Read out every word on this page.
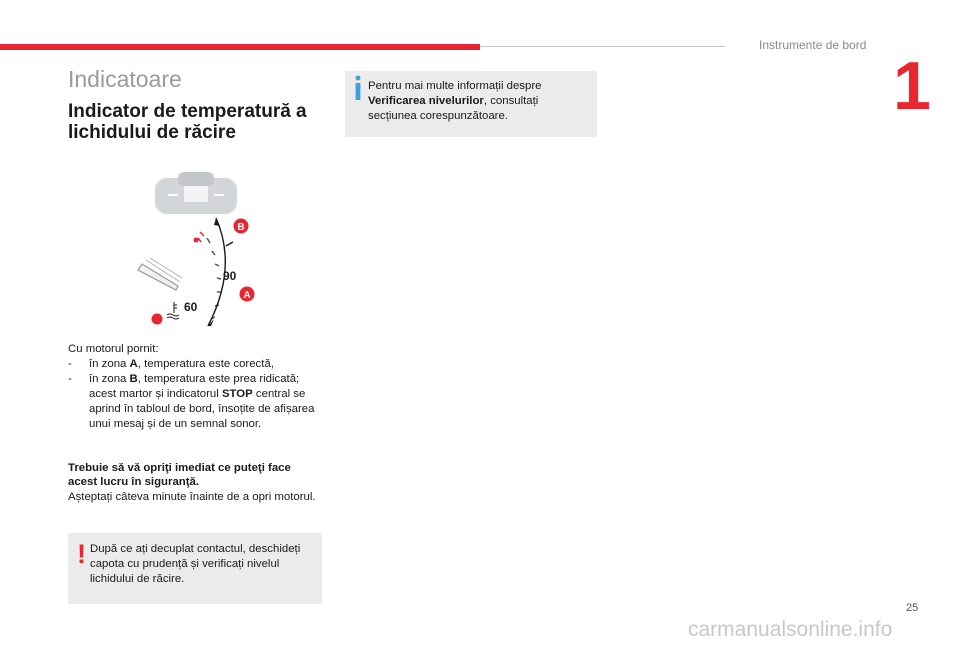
Instrumente de bord
1
Indicatoare
Indicator de temperatură a lichidului de răcire
B
A
90
60
Cu motorul pornit:
- în zona A, temperatura este corectă,
- în zona B, temperatura este prea ridicată; acest martor și indicatorul STOP central se aprind în tabloul de bord, însoțite de afișarea unui mesaj și de un semnal sonor.
Trebuie să vă opriţi imediat ce puteţi face acest lucru în siguranţă.
Așteptați câteva minute înainte de a opri motorul.
! După ce ați decuplat contactul, deschideți capota cu prudență și verificați nivelul lichidului de răcire.
Pentru mai multe informații despre Verificarea nivelurilor, consultați secțiunea corespunzătoare.
25
carmanualsonline.info
